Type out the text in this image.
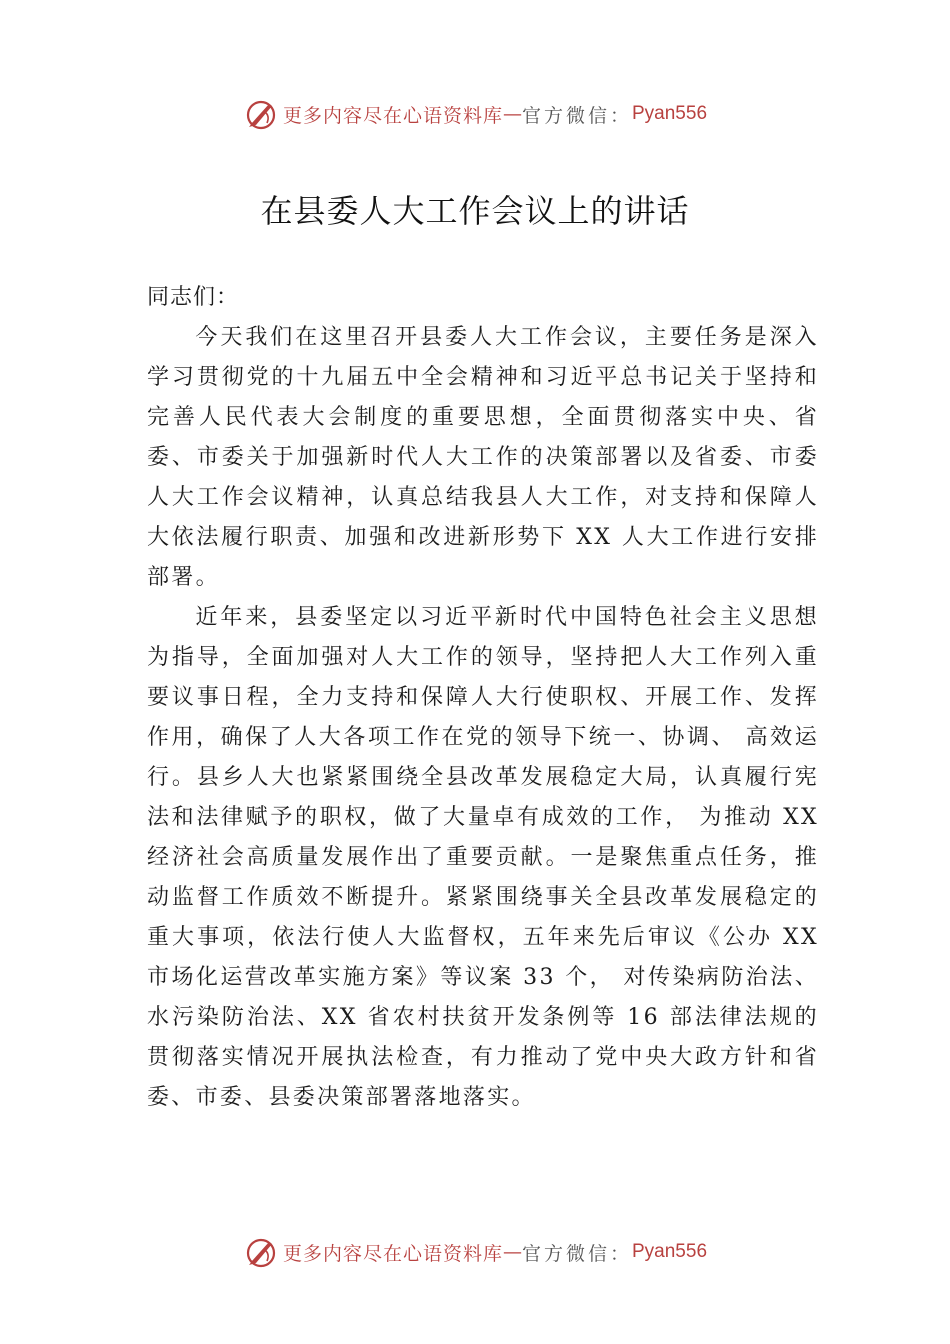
更多内容尽在心语资料库 — 官方微信： Pyan556
在县委人大工作会议上的讲话

同志们：

今天我们在这里召开县委人大工作会议，主要任务是深入学习贯彻党的十九届五中全会精神和习近平总书记关于坚持和完善人民代表大会制度的重要思想，全面贯彻落实中央、省委、市委关于加强新时代人大工作的决策部署以及省委、市委人大工作会议精神，认真总结我县人大工作，对支持和保障人大依法履行职责、加强和改进新形势下 XX 人大工作进行安排部署。

近年来，县委坚定以习近平新时代中国特色社会主义思想为指导，全面加强对人大工作的领导，坚持把人大工作列入重要议事日程，全力支持和保障人大行使职权、开展工作、发挥作用，确保了人大各项工作在党的领导下统一、协调、 高效运行。县乡人大也紧紧围绕全县改革发展稳定大局，认真履行宪法和法律赋予的职权，做了大量卓有成效的工作， 为推动 XX 经济社会高质量发展作出了重要贡献。一是聚焦重点任务，推动监督工作质效不断提升。紧紧围绕事关全县改革发展稳定的重大事项，依法行使人大监督权，五年来先后审议《公办 XX 市场化运营改革实施方案》等议案 33 个， 对传染病防治法、水污染防治法、XX 省农村扶贫开发条例等 16 部法律法规的贯彻落实情况开展执法检查，有力推动了党中央大政方针和省委、市委、县委决策部署落地落实。

更多内容尽在心语资料库 — 官方微信： Pyan556
